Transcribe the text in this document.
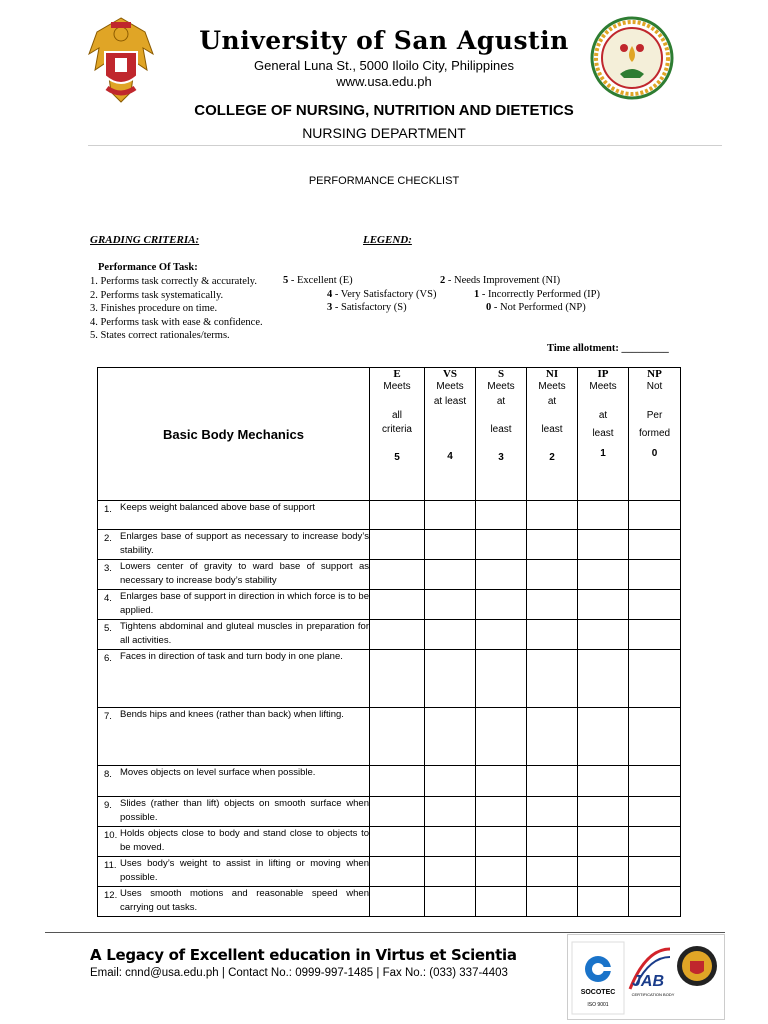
University of San Agustin
General Luna St., 5000 Iloilo City, Philippines
www.usa.edu.ph
COLLEGE OF NURSING, NUTRITION AND DIETETICS
NURSING DEPARTMENT
PERFORMANCE CHECKLIST
GRADING CRITERIA:	LEGEND:
Performance Of Task:
1. Performs task correctly & accurately.
2. Performs task systematically.
3. Finishes procedure on time.
4. Performs task with ease & confidence.
5. States correct rationales/terms.
5 - Excellent (E)
4 - Very Satisfactory (VS)
3 - Satisfactory (S)
2 - Needs Improvement (NI)
1 - Incorrectly Performed (IP)
0 - Not Performed (NP)
Time allotment: _________
Basic Body Mechanics	E
Meets
all
criteria
5	VS
Meets
at least
4	S
Meets
at
least
3	NI
Meets
at
least
2	IP
Meets
at
least
1	NP
Not
Per
formed
0

1. Keeps weight balanced above base of support						

2. Enlarges base of support as necessary to increase body’s stability.						

3. Lowers center of gravity to ward base of support as necessary to increase body’s stability						

4. Enlarges base of support in direction in which force is to be applied.						

5. Tightens abdominal and gluteal muscles in preparation for all activities.						

6. Faces in direction of task and turn body in one plane.						

7. Bends hips and knees (rather than back) when lifting.						

8. Moves objects on level surface when possible.						

9. Slides (rather than lift) objects on smooth surface when possible.						

10. Holds objects close to body and stand close to objects to be moved.						

11. Uses body’s weight to assist in lifting or moving when possible.						

12. Uses smooth motions and reasonable speed when carrying out tasks.						

A Legacy of Excellent education in Virtus et Scientia
Email: cnnd@usa.edu.ph | Contact No.: 0999-997-1485 | Fax No.: (033) 337-4403
SOCOTEC
ISO 9001
JAB
CERTIFICATION BODY
